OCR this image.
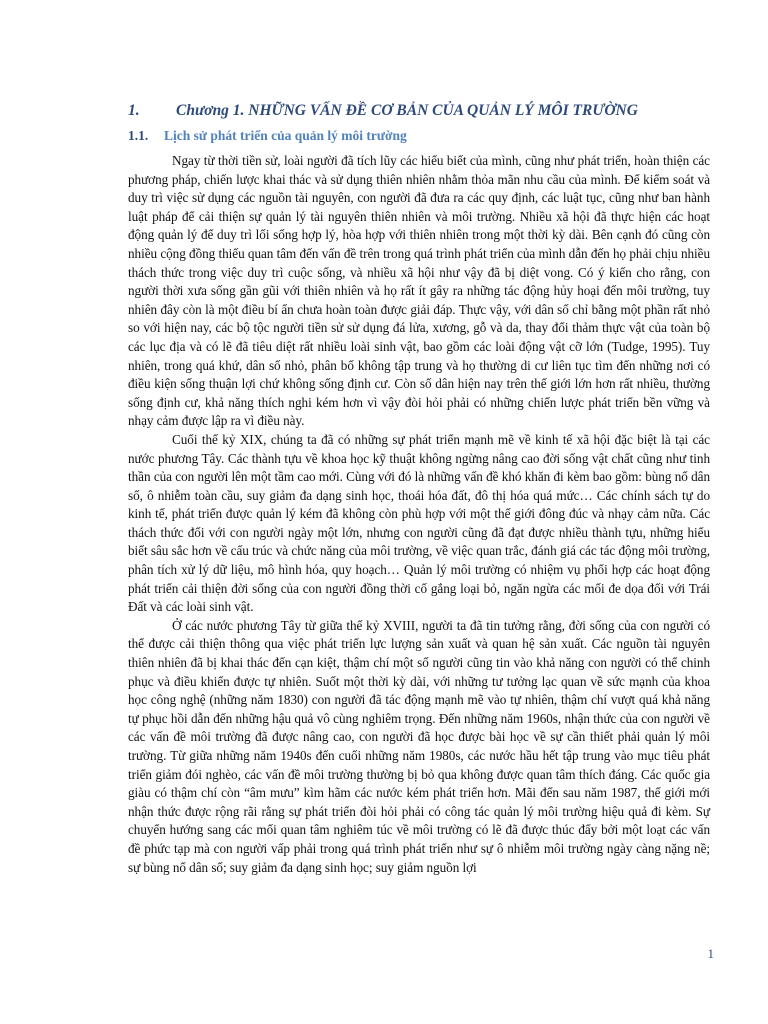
1. Chương 1. NHỮNG VẤN ĐỀ CƠ BẢN CỦA QUẢN LÝ MÔI TRƯỜNG
1.1. Lịch sử phát triển của quản lý môi trường

Ngay từ thời tiền sử, loài người đã tích lũy các hiểu biết của mình, cũng như phát triển, hoàn thiện các phương pháp, chiến lược khai thác và sử dụng thiên nhiên nhằm thỏa mãn nhu cầu của mình. Để kiểm soát và duy trì việc sử dụng các nguồn tài nguyên, con người đã đưa ra các quy định, các luật tục, cũng như ban hành luật pháp để cải thiện sự quản lý tài nguyên thiên nhiên và môi trường. Nhiều xã hội đã thực hiện các hoạt động quản lý để duy trì lối sống hợp lý, hòa hợp với thiên nhiên trong một thời kỳ dài. Bên cạnh đó cũng còn nhiều cộng đồng thiếu quan tâm đến vấn đề trên trong quá trình phát triển của mình dẫn đến họ phải chịu nhiều thách thức trong việc duy trì cuộc sống, và nhiều xã hội như vậy đã bị diệt vong. Có ý kiến cho rằng, con người thời xưa sống gần gũi với thiên nhiên và họ rất ít gây ra những tác động hủy hoại đến môi trường, tuy nhiên đây còn là một điều bí ẩn chưa hoàn toàn được giải đáp. Thực vậy, với dân số chỉ bằng một phần rất nhỏ so với hiện nay, các bộ tộc người tiền sử sử dụng đá lửa, xương, gỗ và da, thay đổi thảm thực vật của toàn bộ các lục địa và có lẽ đã tiêu diệt rất nhiều loài sinh vật, bao gồm các loài động vật cỡ lớn (Tudge, 1995). Tuy nhiên, trong quá khứ, dân số nhỏ, phân bố không tập trung và họ thường di cư liên tục tìm đến những nơi có điều kiện sống thuận lợi chứ không sống định cư. Còn số dân hiện nay trên thế giới lớn hơn rất nhiều, thường sống định cư, khả năng thích nghi kém hơn vì vậy đòi hỏi phải có những chiến lược phát triển bền vững và nhạy cảm được lập ra vì điều này.

Cuối thế kỷ XIX, chúng ta đã có những sự phát triển mạnh mẽ về kinh tế xã hội đặc biệt là tại các nước phương Tây. Các thành tựu về khoa học kỹ thuật không ngừng nâng cao đời sống vật chất cũng như tinh thần của con người lên một tầm cao mới. Cùng với đó là những vấn đề khó khăn đi kèm bao gồm: bùng nổ dân số, ô nhiễm toàn cầu, suy giảm đa dạng sinh học, thoái hóa đất, đô thị hóa quá mức… Các chính sách tự do kinh tế, phát triển được quản lý kém đã không còn phù hợp với một thế giới đông đúc và nhạy cảm nữa. Các thách thức đối với con người ngày một lớn, nhưng con người cũng đã đạt được nhiều thành tựu, những hiểu biết sâu sắc hơn về cấu trúc và chức năng của môi trường, về việc quan trắc, đánh giá các tác động môi trường, phân tích xử lý dữ liệu, mô hình hóa, quy hoạch… Quản lý môi trường có nhiệm vụ phối hợp các hoạt động phát triển cải thiện đời sống của con người đồng thời cố gắng loại bỏ, ngăn ngừa các mối đe dọa đối với Trái Đất và các loài sinh vật.

Ở các nước phương Tây từ giữa thế kỷ XVIII, người ta đã tin tưởng rằng, đời sống của con người có thể được cải thiện thông qua việc phát triển lực lượng sản xuất và quan hệ sản xuất. Các nguồn tài nguyên thiên nhiên đã bị khai thác đến cạn kiệt, thậm chí một số người cũng tin vào khả năng con người có thể chinh phục và điều khiển được tự nhiên. Suốt một thời kỳ dài, với những tư tưởng lạc quan về sức mạnh của khoa học công nghệ (những năm 1830) con người đã tác động mạnh mẽ vào tự nhiên, thậm chí vượt quá khả năng tự phục hồi dẫn đến những hậu quả vô cùng nghiêm trọng. Đến những năm 1960s, nhận thức của con người về các vấn đề môi trường đã được nâng cao, con người đã học được bài học về sự cần thiết phải quản lý môi trường. Từ giữa những năm 1940s đến cuối những năm 1980s, các nước hầu hết tập trung vào mục tiêu phát triển giảm đói nghèo, các vấn đề môi trường thường bị bỏ qua không được quan tâm thích đáng. Các quốc gia giàu có thậm chí còn “âm mưu” kìm hãm các nước kém phát triển hơn. Mãi đến sau năm 1987, thế giới mới nhận thức được rộng rãi rằng sự phát triển đòi hỏi phải có công tác quản lý môi trường hiệu quả đi kèm. Sự chuyển hướng sang các mối quan tâm nghiêm túc về môi trường có lẽ đã được thúc đẩy bởi một loạt các vấn đề phức tạp mà con người vấp phải trong quá trình phát triển như sự ô nhiễm môi trường ngày càng nặng nề; sự bùng nổ dân số; suy giảm đa dạng sinh học; suy giảm nguồn lợi

1
